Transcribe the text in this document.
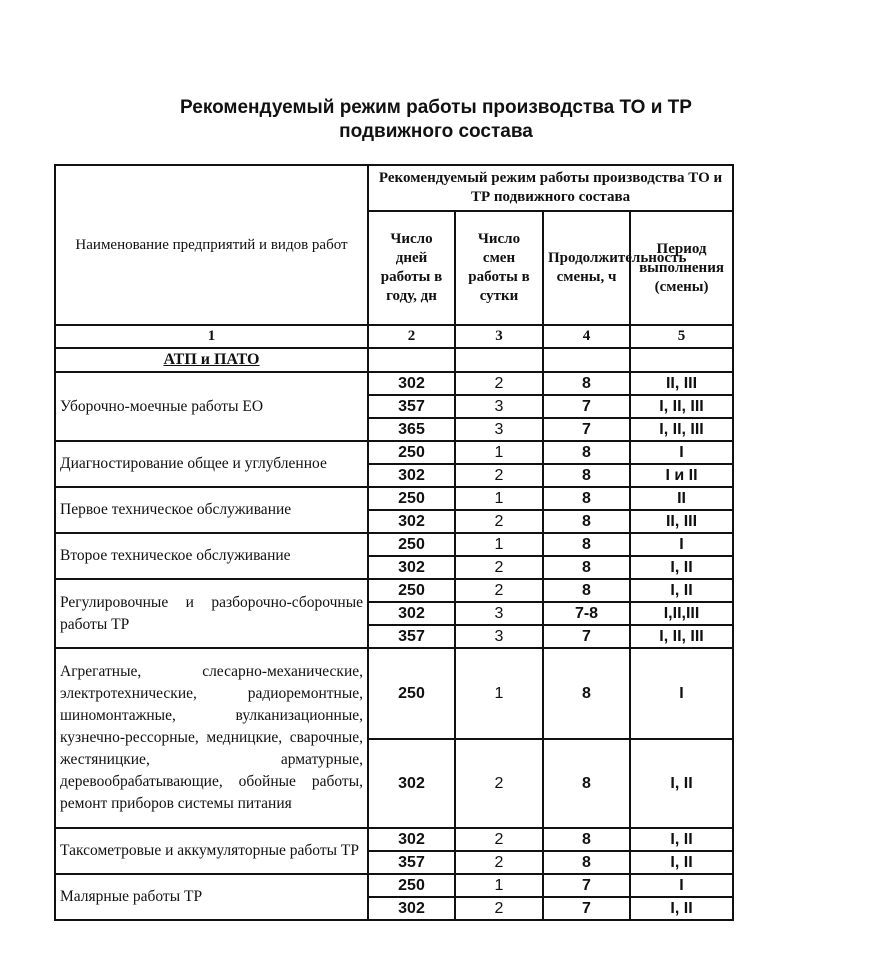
Рекомендуемый режим работы производства ТО и ТР
подвижного состава
Наименование предприятий и видов работ	Рекомендуемый режим работы производства ТО и ТР подвижного состава			
	Число дней работы в году, дн	Число смен работы в сутки	Продолжительность смены, ч	Период выполнения (смены)
1	2	3	4	5
АТП и ПАТО				
Уборочно-моечные работы ЕО	302	2	8	II, III
	357	3	7	I, II, III
	365	3	7	I, II, III
Диагностирование общее и углубленное	250	1	8	I
	302	2	8	I и II
Первое техническое обслуживание	250	1	8	II
	302	2	8	II, III
Второе техническое обслуживание	250	1	8	I
	302	2	8	I, II
Регулировочные и разборочно-сборочные работы ТР	250	2	8	I, II
	302	3	7-8	I,II,III
	357	3	7	I, II, III
Агрегатные, слесарно-механические, электротехнические, радиоремонтные, шиномонтажные, вулканизационные, кузнечно-рессорные, медницкие, сварочные, жестяницкие, арматурные, деревообрабатывающие, обойные работы, ремонт приборов системы питания	250	1	8	I
	302	2	8	I, II
Таксометровые и аккумуляторные работы ТР	302	2	8	I, II
	357	2	8	I, II
Малярные работы ТР	250	1	7	I
	302	2	7	I, II
